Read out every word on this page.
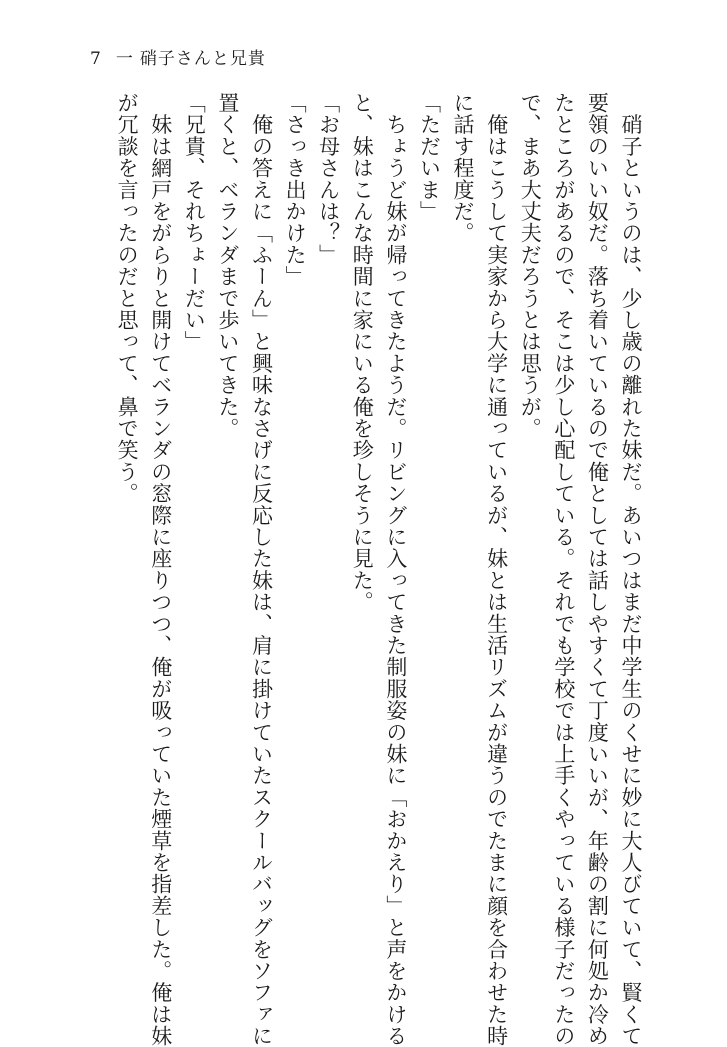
7 一 硝子さんと兄貴
　硝子というのは、少し歳の離れた妹だ。あいつはまだ中学生のくせに妙に大人びていて、賢くて
要領のいい奴だ。落ち着いているので俺としては話しやすくて丁度いいが、年齢の割に何処か冷め
たところがあるので、そこは少し心配している。それでも学校では上手くやっている様子だったの
で、まあ大丈夫だろうとは思うが。
　俺はこうして実家から大学に通っているが、妹とは生活リズムが違うのでたまに顔を合わせた時
に話す程度だ。
「ただいま」
　ちょうど妹が帰ってきたようだ。リビングに入ってきた制服姿の妹に「おかえり」と声をかける
と、妹はこんな時間に家にいる俺を珍しそうに見た。
「お母さんは？」
「さっき出かけた」
　俺の答えに「ふーん」と興味なさげに反応した妹は、肩に掛けていたスクールバッグをソファに
置くと、ベランダまで歩いてきた。
「兄貴、それちょーだい」
　妹は網戸をがらりと開けてベランダの窓際に座りつつ、俺が吸っていた煙草を指差した。俺は妹
が冗談を言ったのだと思って、鼻で笑う。
